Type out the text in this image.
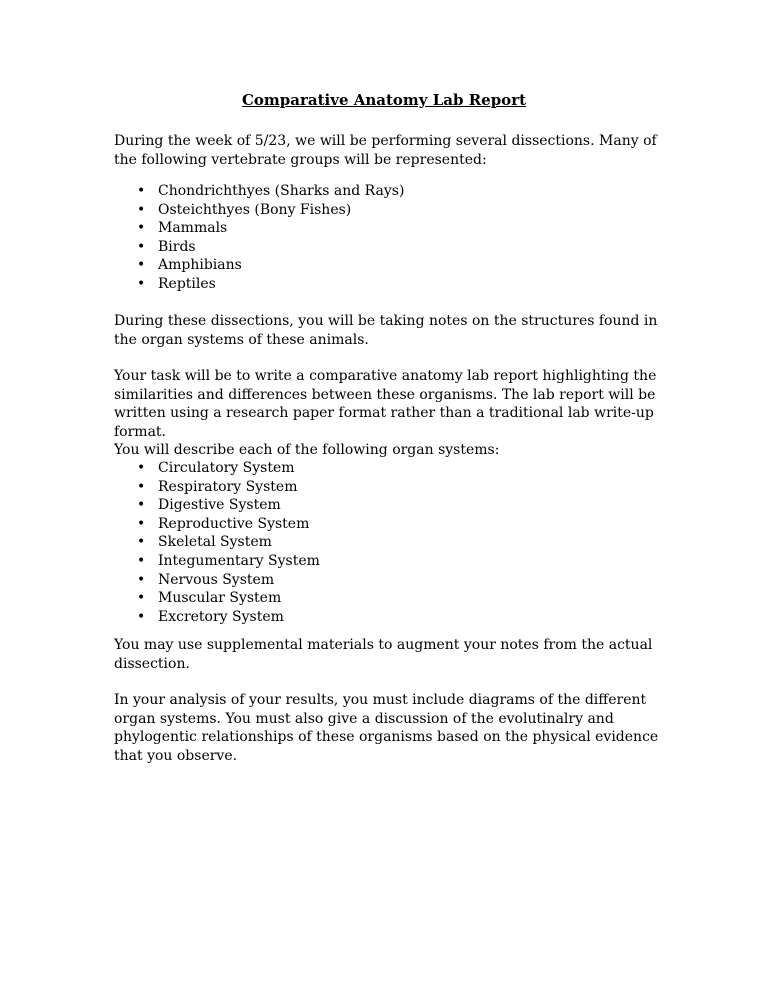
Comparative Anatomy Lab Report

During the week of 5/23, we will be performing several dissections. Many of the following vertebrate groups will be represented:

• Chondrichthyes (Sharks and Rays)
• Osteichthyes (Bony Fishes)
• Mammals
• Birds
• Amphibians
• Reptiles

During these dissections, you will be taking notes on the structures found in the organ systems of these animals.

Your task will be to write a comparative anatomy lab report highlighting the similarities and differences between these organisms. The lab report will be written using a research paper format rather than a traditional lab write-up format.

You will describe each of the following organ systems:

• Circulatory System
• Respiratory System
• Digestive System
• Reproductive System
• Skeletal System
• Integumentary System
• Nervous System
• Muscular System
• Excretory System

You may use supplemental materials to augment your notes from the actual dissection.

In your analysis of your results, you must include diagrams of the different organ systems. You must also give a discussion of the evolutinalry and phylogentic relationships of these organisms based on the physical evidence that you observe.
